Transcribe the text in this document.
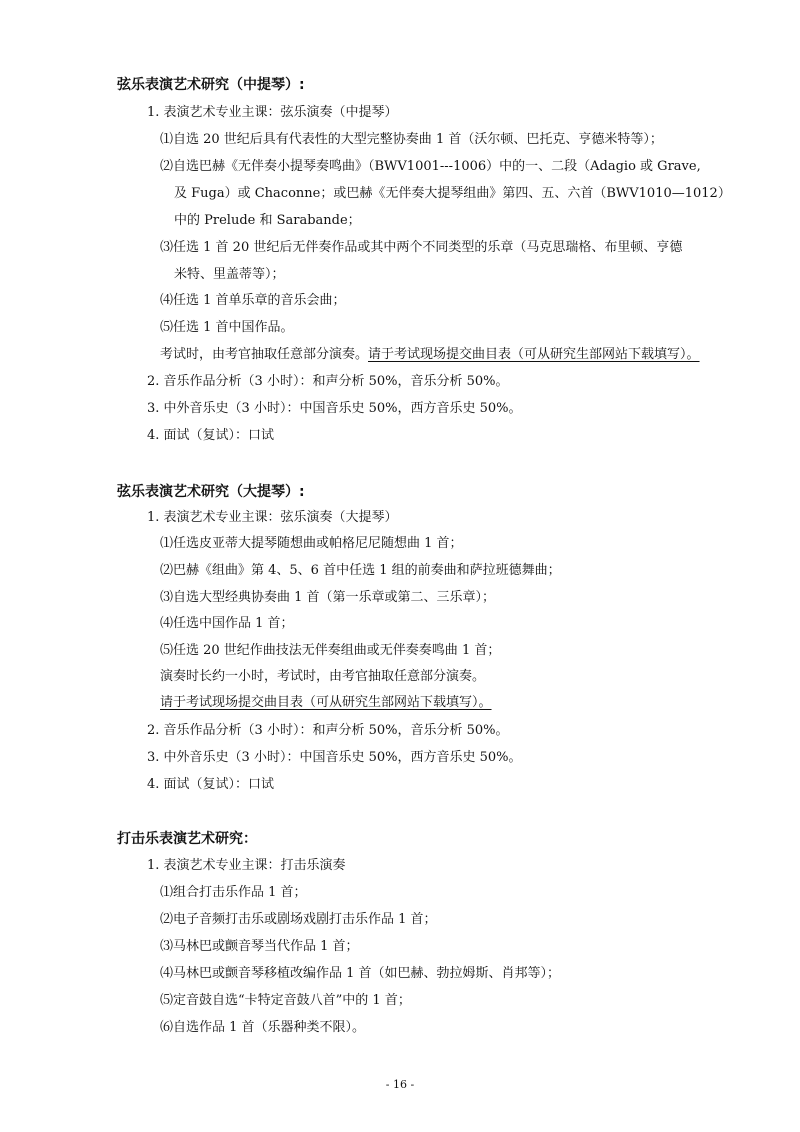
弦乐表演艺术研究（中提琴）:
1. 表演艺术专业主课：弦乐演奏（中提琴）
⑴自选 20 世纪后具有代表性的大型完整协奏曲 1 首（沃尔顿、巴托克、亨德米特等）；
⑵自选巴赫《无伴奏小提琴奏鸣曲》（BWV1001---1006）中的一、二段（Adagio 或 Grave,
及 Fuga）或 Chaconne；或巴赫《无伴奏大提琴组曲》第四、五、六首（BWV1010—1012）
中的 Prelude 和 Sarabande；
⑶任选 1 首 20 世纪后无伴奏作品或其中两个不同类型的乐章（马克思瑞格、布里顿、亨德
米特、里盖蒂等）；
⑷任选 1 首单乐章的音乐会曲；
⑸任选 1 首中国作品。
考试时，由考官抽取任意部分演奏。请于考试现场提交曲目表（可从研究生部网站下载填写）。
2. 音乐作品分析（3 小时）：和声分析 50%，音乐分析 50%。
3. 中外音乐史（3 小时）：中国音乐史 50%，西方音乐史 50%。
4. 面试（复试）：口试
弦乐表演艺术研究（大提琴）:
1. 表演艺术专业主课：弦乐演奏（大提琴）
⑴任选皮亚蒂大提琴随想曲或帕格尼尼随想曲 1 首；
⑵巴赫《组曲》第 4、5、6 首中任选 1 组的前奏曲和萨拉班德舞曲；
⑶自选大型经典协奏曲 1 首（第一乐章或第二、三乐章）；
⑷任选中国作品 1 首；
⑸任选 20 世纪作曲技法无伴奏组曲或无伴奏奏鸣曲 1 首；
演奏时长约一小时，考试时，由考官抽取任意部分演奏。
请于考试现场提交曲目表（可从研究生部网站下载填写）。
2. 音乐作品分析（3 小时）：和声分析 50%，音乐分析 50%。
3. 中外音乐史（3 小时）：中国音乐史 50%，西方音乐史 50%。
4. 面试（复试）：口试
打击乐表演艺术研究：
1. 表演艺术专业主课：打击乐演奏
⑴组合打击乐作品 1 首；
⑵电子音频打击乐或剧场戏剧打击乐作品 1 首；
⑶马林巴或颤音琴当代作品 1 首；
⑷马林巴或颤音琴移植改编作品 1 首（如巴赫、勃拉姆斯、肖邦等）；
⑸定音鼓自选“卡特定音鼓八首”中的 1 首；
⑹自选作品 1 首（乐器种类不限）。
- 16 -
